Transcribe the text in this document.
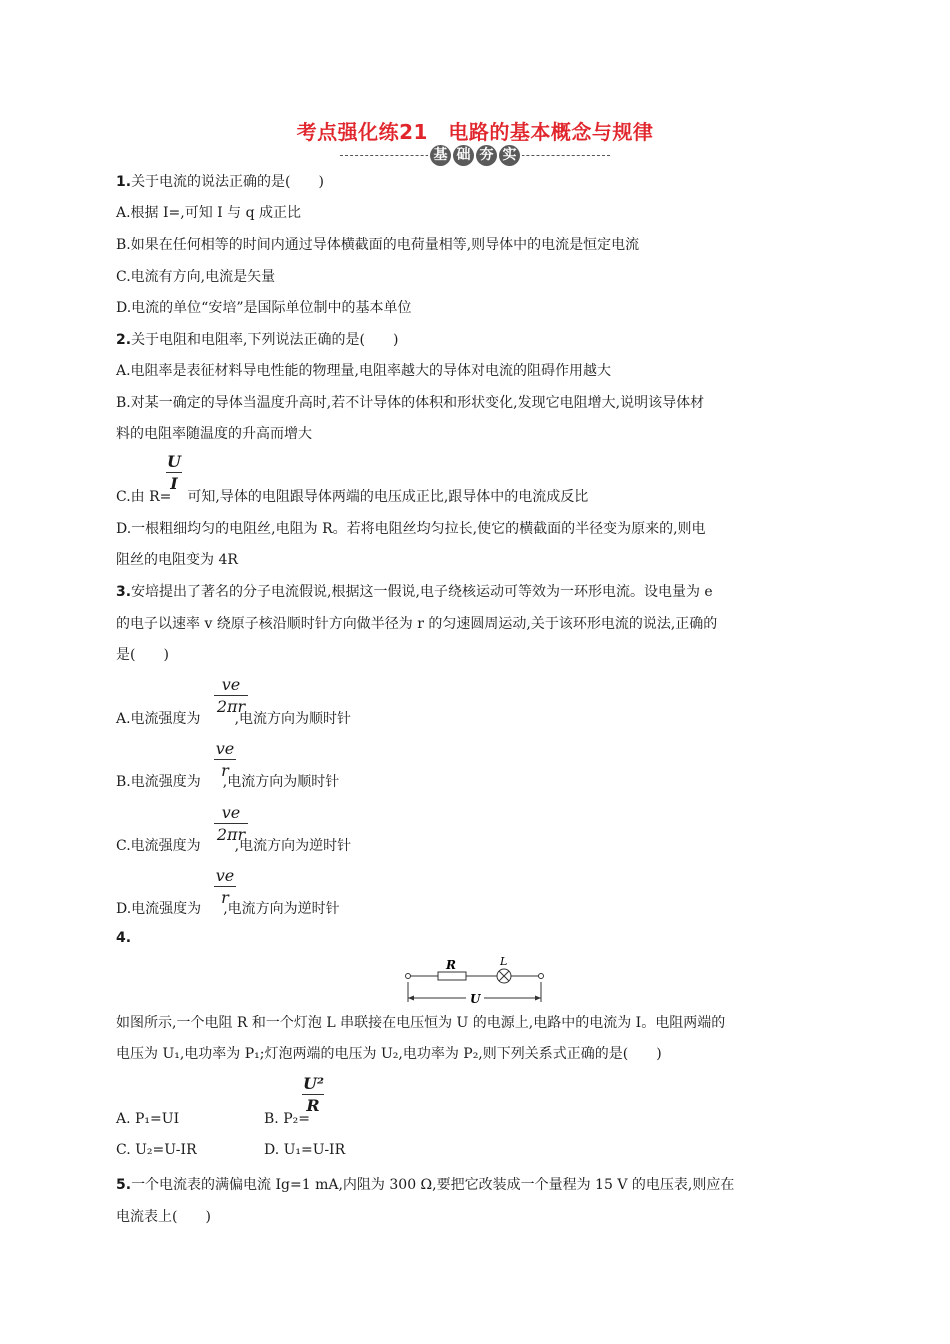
考点强化练21　电路的基本概念与规律
基 础 夯 实
1.关于电流的说法正确的是(　　)
A.根据 I=,可知 I 与 q 成正比
B.如果在任何相等的时间内通过导体横截面的电荷量相等,则导体中的电流是恒定电流
C.电流有方向,电流是矢量
D.电流的单位“安培”是国际单位制中的基本单位
2.关于电阻和电阻率,下列说法正确的是(　　)
A.电阻率是表征材料导电性能的物理量,电阻率越大的导体对电流的阻碍作用越大
B.对某一确定的导体当温度升高时,若不计导体的体积和形状变化,发现它电阻增大,说明该导体材
料的电阻率随温度的升高而增大
$\frac{U}{I}$
C.由 R= 可知,导体的电阻跟导体两端的电压成正比,跟导体中的电流成反比
D.一根粗细均匀的电阻丝,电阻为 R。若将电阻丝均匀拉长,使它的横截面的半径变为原来的,则电
阻丝的电阻变为 4R
3.安培提出了著名的分子电流假说,根据这一假说,电子绕核运动可等效为一环形电流。设电量为 e
的电子以速率 v 绕原子核沿顺时针方向做半径为 r 的匀速圆周运动,关于该环形电流的说法,正确的
是(　　)
$\frac{ve}{2\pi r}$
A.电流强度为 ,电流方向为顺时针
$\frac{ve}{r}$
B.电流强度为 ,电流方向为顺时针
$\frac{ve}{2\pi r}$
C.电流强度为 ,电流方向为逆时针
$\frac{ve}{r}$
D.电流强度为 ,电流方向为逆时针
4.
R	L
U
如图所示,一个电阻 R 和一个灯泡 L 串联接在电压恒为 U 的电源上,电路中的电流为 I。电阻两端的
电压为 U₁,电功率为 P₁;灯泡两端的电压为 U₂,电功率为 P₂,则下列关系式正确的是(　　)
A. P₁=UI
$\frac{\text{U²}}{R}$
B. P₂=
C. U₂=U-IR	D. U₁=U-IR
5.一个电流表的满偏电流 Ig=1 mA,内阻为 300 Ω,要把它改装成一个量程为 15 V 的电压表,则应在
电流表上(　　)
